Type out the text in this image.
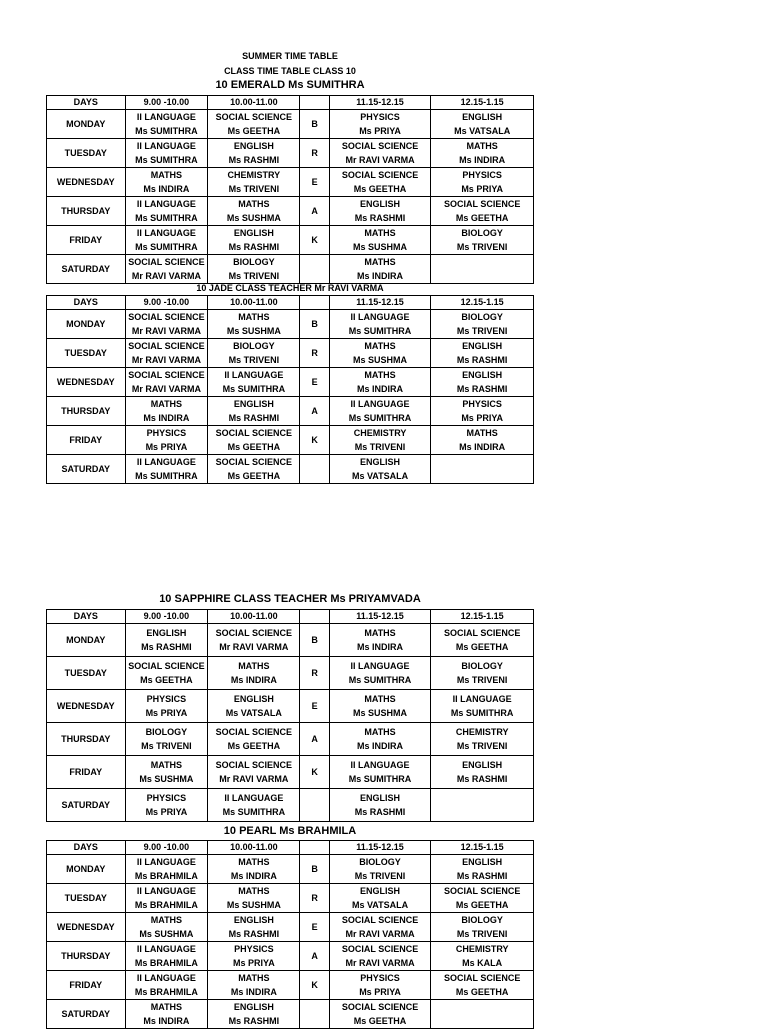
SUMMER TIME TABLE
CLASS TIME TABLE CLASS 10
10 EMERALD Ms SUMITHRA
10 JADE CLASS TEACHER Mr RAVI VARMA
10 SAPPHIRE CLASS TEACHER Ms PRIYAMVADA
10 PEARL Ms BRAHMILA
DAYS	9.00 -10.00	10.00-11.00		11.15-12.15	12.15-1.15
MONDAY	II LANGUAGE
Ms SUMITHRA	SOCIAL SCIENCE
Ms GEETHA	B	PHYSICS
Ms PRIYA	ENGLISH
Ms VATSALA

TUESDAY	II LANGUAGE
Ms SUMITHRA	ENGLISH
Ms RASHMI	R	SOCIAL SCIENCE
Mr RAVI VARMA	MATHS
Ms INDIRA

WEDNESDAY	MATHS
Ms INDIRA	CHEMISTRY
Ms TRIVENI	E	SOCIAL SCIENCE
Ms GEETHA	PHYSICS
Ms PRIYA

THURSDAY	II LANGUAGE
Ms SUMITHRA	MATHS
Ms SUSHMA	A	ENGLISH
Ms RASHMI	SOCIAL SCIENCE
Ms GEETHA

FRIDAY	II LANGUAGE
Ms SUMITHRA	ENGLISH
Ms RASHMI	K	MATHS
Ms SUSHMA	BIOLOGY
Ms TRIVENI

SATURDAY	SOCIAL SCIENCE
Mr RAVI VARMA	BIOLOGY
Ms TRIVENI		MATHS
Ms INDIRA	

DAYS	9.00 -10.00	10.00-11.00		11.15-12.15	12.15-1.15
MONDAY	SOCIAL SCIENCE
Mr RAVI VARMA	MATHS
Ms SUSHMA	B	II LANGUAGE
Ms SUMITHRA	BIOLOGY
Ms TRIVENI

TUESDAY	SOCIAL SCIENCE
Mr RAVI VARMA	BIOLOGY
Ms TRIVENI	R	MATHS
Ms SUSHMA	ENGLISH
Ms RASHMI

WEDNESDAY	SOCIAL SCIENCE
Mr RAVI VARMA	II LANGUAGE
Ms SUMITHRA	E	MATHS
Ms INDIRA	ENGLISH
Ms RASHMI

THURSDAY	MATHS
Ms INDIRA	ENGLISH
Ms RASHMI	A	II LANGUAGE
Ms SUMITHRA	PHYSICS
Ms PRIYA

FRIDAY	PHYSICS
Ms PRIYA	SOCIAL SCIENCE
Ms GEETHA	K	CHEMISTRY
Ms TRIVENI	MATHS
Ms INDIRA

SATURDAY	II LANGUAGE
Ms SUMITHRA	SOCIAL SCIENCE
Ms GEETHA		ENGLISH
Ms VATSALA	

DAYS	9.00 -10.00	10.00-11.00		11.15-12.15	12.15-1.15
MONDAY	ENGLISH
Ms RASHMI	SOCIAL SCIENCE
Mr RAVI VARMA	B	MATHS
Ms INDIRA	SOCIAL SCIENCE
Ms GEETHA

TUESDAY	SOCIAL SCIENCE
Ms GEETHA	MATHS
Ms INDIRA	R	II LANGUAGE
Ms SUMITHRA	BIOLOGY
Ms TRIVENI

WEDNESDAY	PHYSICS
Ms PRIYA	ENGLISH
Ms VATSALA	E	MATHS
Ms SUSHMA	II LANGUAGE
Ms SUMITHRA

THURSDAY	BIOLOGY
Ms TRIVENI	SOCIAL SCIENCE
Ms GEETHA	A	MATHS
Ms INDIRA	CHEMISTRY
Ms TRIVENI

FRIDAY	MATHS
Ms SUSHMA	SOCIAL SCIENCE
Mr RAVI VARMA	K	II LANGUAGE
Ms SUMITHRA	ENGLISH
Ms RASHMI

SATURDAY	PHYSICS
Ms PRIYA	II LANGUAGE
Ms SUMITHRA		ENGLISH
Ms RASHMI	

DAYS	9.00 -10.00	10.00-11.00		11.15-12.15	12.15-1.15
MONDAY	II LANGUAGE
Ms BRAHMILA	MATHS
Ms INDIRA	B	BIOLOGY
Ms TRIVENI	ENGLISH
Ms RASHMI

TUESDAY	II LANGUAGE
Ms BRAHMILA	MATHS
Ms SUSHMA	R	ENGLISH
Ms VATSALA	SOCIAL SCIENCE
Ms GEETHA

WEDNESDAY	MATHS
Ms SUSHMA	ENGLISH
Ms RASHMI	E	SOCIAL SCIENCE
Mr RAVI VARMA	BIOLOGY
Ms TRIVENI

THURSDAY	II LANGUAGE
Ms BRAHMILA	PHYSICS
Ms PRIYA	A	SOCIAL SCIENCE
Mr RAVI VARMA	CHEMISTRY
Ms KALA

FRIDAY	II LANGUAGE
Ms BRAHMILA	MATHS
Ms INDIRA	K	PHYSICS
Ms PRIYA	SOCIAL SCIENCE
Ms GEETHA

SATURDAY	MATHS
Ms INDIRA	ENGLISH
Ms RASHMI		SOCIAL SCIENCE
Ms GEETHA	
